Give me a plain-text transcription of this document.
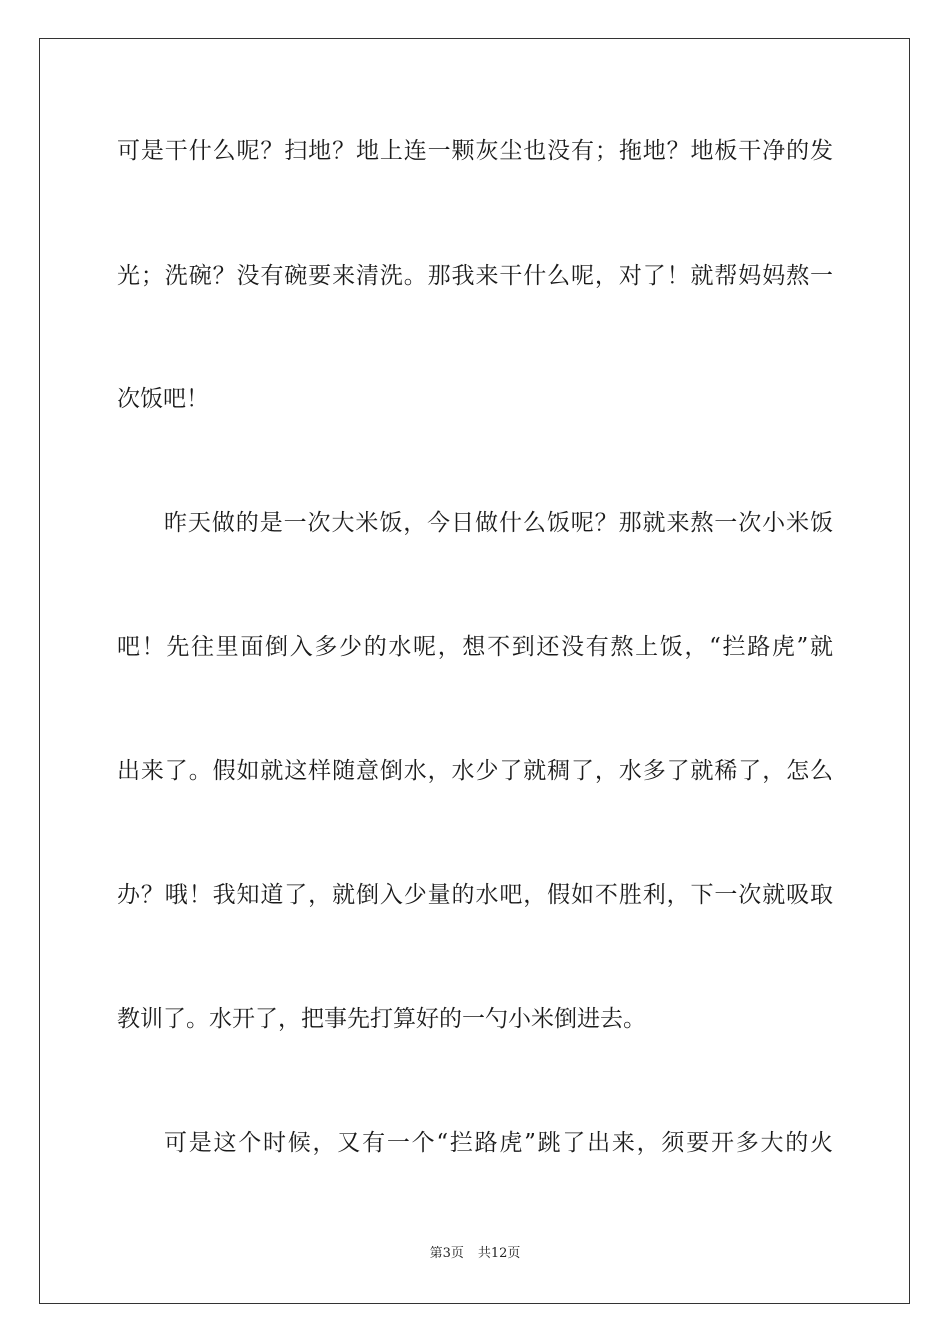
可是干什么呢？扫地？地上连一颗灰尘也没有；拖地？地板干净的发
光；洗碗？没有碗要来清洗。那我来干什么呢，对了！就帮妈妈熬一
次饭吧！
昨天做的是一次大米饭，今日做什么饭呢？那就来熬一次小米饭
吧！先往里面倒入多少的水呢，想不到还没有熬上饭，“拦路虎”就
出来了。假如就这样随意倒水，水少了就稠了，水多了就稀了，怎么
办？哦！我知道了，就倒入少量的水吧，假如不胜利，下一次就吸取
教训了。水开了，把事先打算好的一勺小米倒进去。
可是这个时候，又有一个“拦路虎”跳了出来，须要开多大的火
第3页 共12页
